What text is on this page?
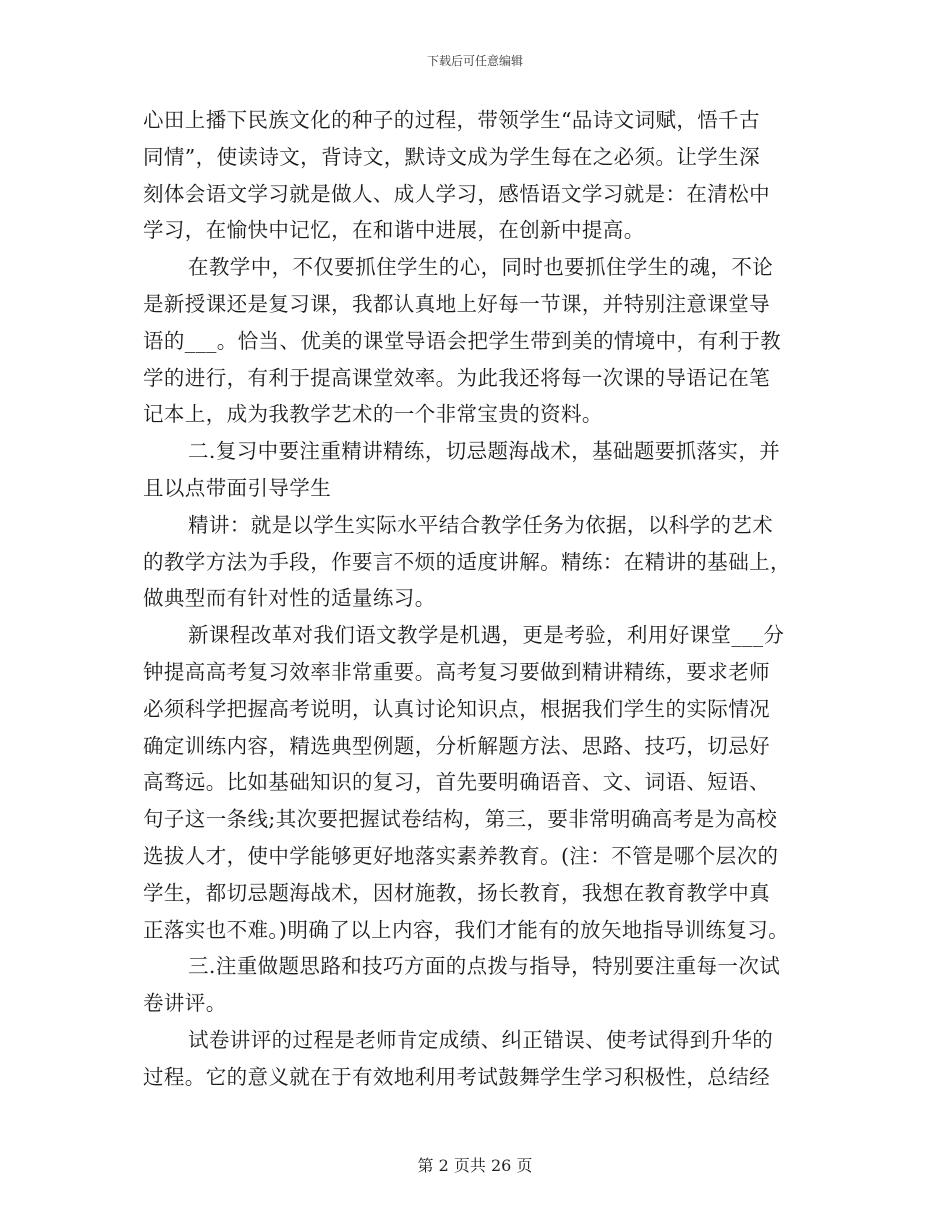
下载后可任意编辑
心田上播下民族文化的种子的过程，带领学生“品诗文词赋，悟千古
同情”，使读诗文，背诗文，默诗文成为学生每在之必须。让学生深
刻体会语文学习就是做人、成人学习，感悟语文学习就是：在清松中
学习，在愉快中记忆，在和谐中进展，在创新中提高。
在教学中，不仅要抓住学生的心，同时也要抓住学生的魂，不论
是新授课还是复习课，我都认真地上好每一节课，并特别注意课堂导
语的___。恰当、优美的课堂导语会把学生带到美的情境中，有利于教
学的进行，有利于提高课堂效率。为此我还将每一次课的导语记在笔
记本上，成为我教学艺术的一个非常宝贵的资料。
二.复习中要注重精讲精练，切忌题海战术，基础题要抓落实，并
且以点带面引导学生
精讲：就是以学生实际水平结合教学任务为依据，以科学的艺术
的教学方法为手段，作要言不烦的适度讲解。精练：在精讲的基础上，
做典型而有针对性的适量练习。
新课程改革对我们语文教学是机遇，更是考验，利用好课堂___分
钟提高高考复习效率非常重要。高考复习要做到精讲精练，要求老师
必须科学把握高考说明，认真讨论知识点，根据我们学生的实际情况
确定训练内容，精选典型例题，分析解题方法、思路、技巧，切忌好
高骛远。比如基础知识的复习，首先要明确语音、文、词语、短语、
句子这一条线;其次要把握试卷结构，第三，要非常明确高考是为高校
选拔人才，使中学能够更好地落实素养教育。(注：不管是哪个层次的
学生，都切忌题海战术，因材施教，扬长教育，我想在教育教学中真
正落实也不难。)明确了以上内容，我们才能有的放矢地指导训练复习。
三.注重做题思路和技巧方面的点拨与指导，特别要注重每一次试
卷讲评。
试卷讲评的过程是老师肯定成绩、纠正错误、使考试得到升华的
过程。它的意义就在于有效地利用考试鼓舞学生学习积极性，总结经
第 2 页共 26 页
